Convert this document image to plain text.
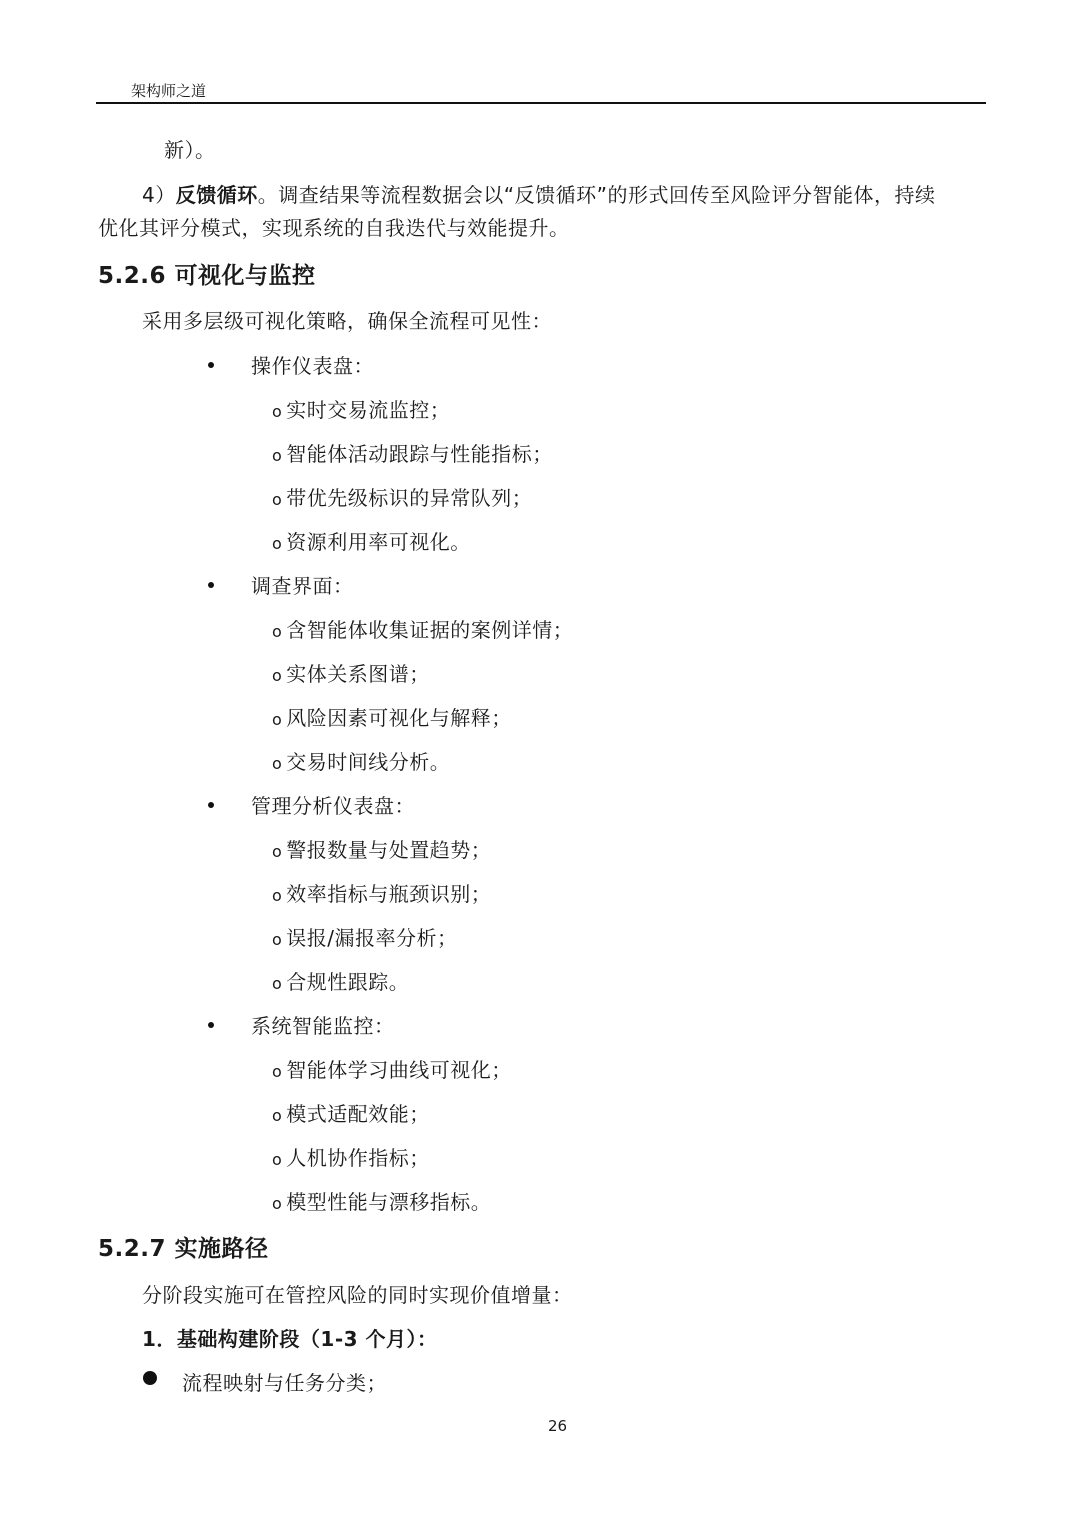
架构师之道
新）。
4）反馈循环。调查结果等流程数据会以“反馈循环”的形式回传至风险评分智能体，持续
优化其评分模式，实现系统的自我迭代与效能提升。
5.2.6 可视化与监控
采用多层级可视化策略，确保全流程可见性：
操作仪表盘：
o 实时交易流监控；
o 智能体活动跟踪与性能指标；
o 带优先级标识的异常队列；
o 资源利用率可视化。
调查界面：
o 含智能体收集证据的案例详情；
o 实体关系图谱；
o 风险因素可视化与解释；
o 交易时间线分析。
管理分析仪表盘：
o 警报数量与处置趋势；
o 效率指标与瓶颈识别；
o 误报/漏报率分析；
o 合规性跟踪。
系统智能监控：
o 智能体学习曲线可视化；
o 模式适配效能；
o 人机协作指标；
o 模型性能与漂移指标。
5.2.7 实施路径
分阶段实施可在管控风险的同时实现价值增量：
1．基础构建阶段（1-3 个月）：
流程映射与任务分类；
26
